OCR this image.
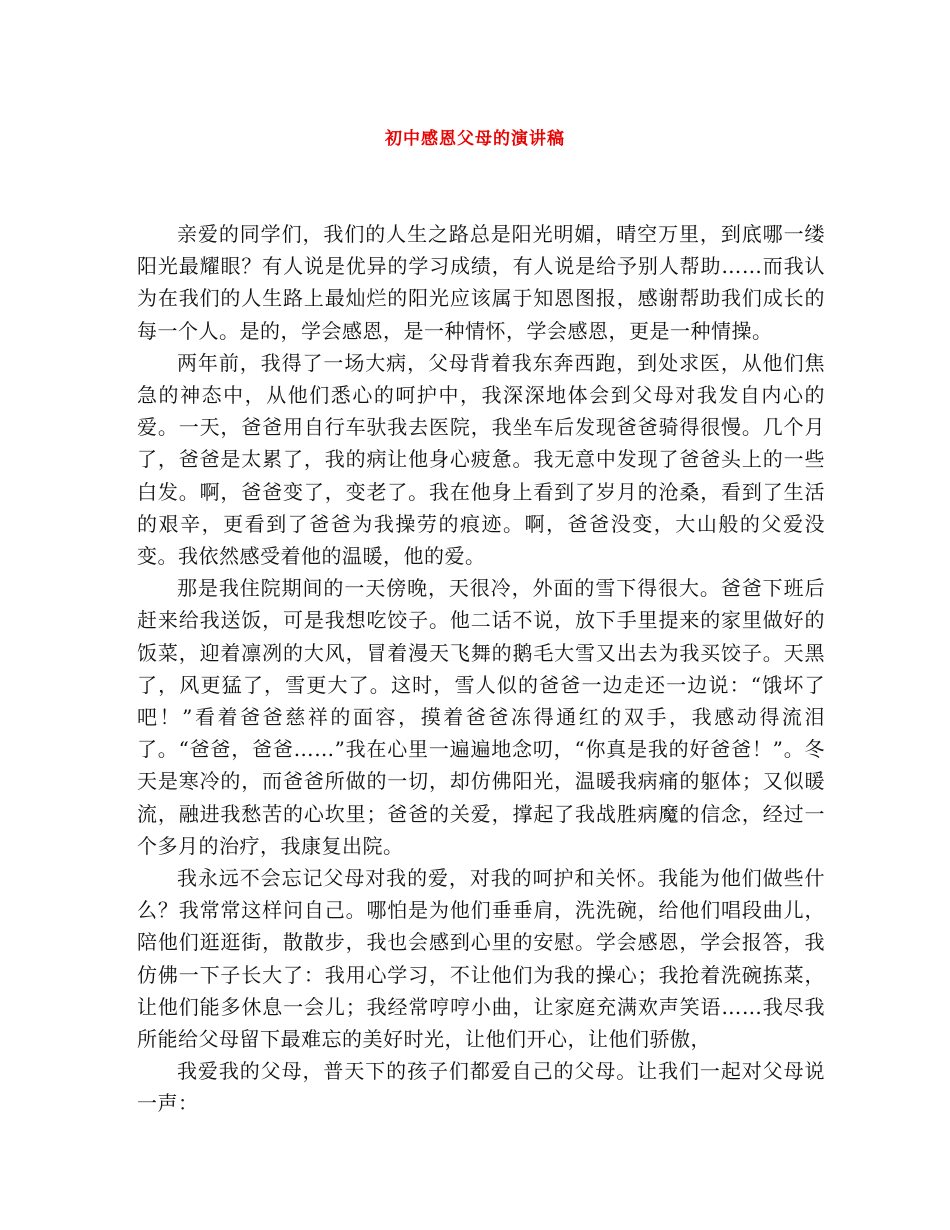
初中感恩父母的演讲稿

亲爱的同学们，我们的人生之路总是阳光明媚，晴空万里，到底哪一缕阳光最耀眼？有人说是优异的学习成绩，有人说是给予别人帮助……而我认为在我们的人生路上最灿烂的阳光应该属于知恩图报，感谢帮助我们成长的每一个人。是的，学会感恩，是一种情怀，学会感恩，更是一种情操。

两年前，我得了一场大病，父母背着我东奔西跑，到处求医，从他们焦急的神态中，从他们悉心的呵护中，我深深地体会到父母对我发自内心的爱。一天，爸爸用自行车驮我去医院，我坐车后发现爸爸骑得很慢。几个月了，爸爸是太累了，我的病让他身心疲惫。我无意中发现了爸爸头上的一些白发。啊，爸爸变了，变老了。我在他身上看到了岁月的沧桑，看到了生活的艰辛，更看到了爸爸为我操劳的痕迹。啊，爸爸没变，大山般的父爱没变。我依然感受着他的温暖，他的爱。

那是我住院期间的一天傍晚，天很冷，外面的雪下得很大。爸爸下班后赶来给我送饭，可是我想吃饺子。他二话不说，放下手里提来的家里做好的饭菜，迎着凛冽的大风，冒着漫天飞舞的鹅毛大雪又出去为我买饺子。天黑了，风更猛了，雪更大了。这时，雪人似的爸爸一边走还一边说：“饿坏了吧！”看着爸爸慈祥的面容，摸着爸爸冻得通红的双手，我感动得流泪了。“爸爸，爸爸……”我在心里一遍遍地念叨，“你真是我的好爸爸！”。冬天是寒冷的，而爸爸所做的一切，却仿佛阳光，温暖我病痛的躯体；又似暖流，融进我愁苦的心坎里；爸爸的关爱，撑起了我战胜病魔的信念，经过一个多月的治疗，我康复出院。

我永远不会忘记父母对我的爱，对我的呵护和关怀。我能为他们做些什么？我常常这样问自己。哪怕是为他们垂垂肩，洗洗碗，给他们唱段曲儿，陪他们逛逛街，散散步，我也会感到心里的安慰。学会感恩，学会报答，我仿佛一下子长大了：我用心学习，不让他们为我的操心；我抢着洗碗拣菜，让他们能多休息一会儿；我经常哼哼小曲，让家庭充满欢声笑语……我尽我所能给父母留下最难忘的美好时光，让他们开心，让他们骄傲，

我爱我的父母，普天下的孩子们都爱自己的父母。让我们一起对父母说一声：
